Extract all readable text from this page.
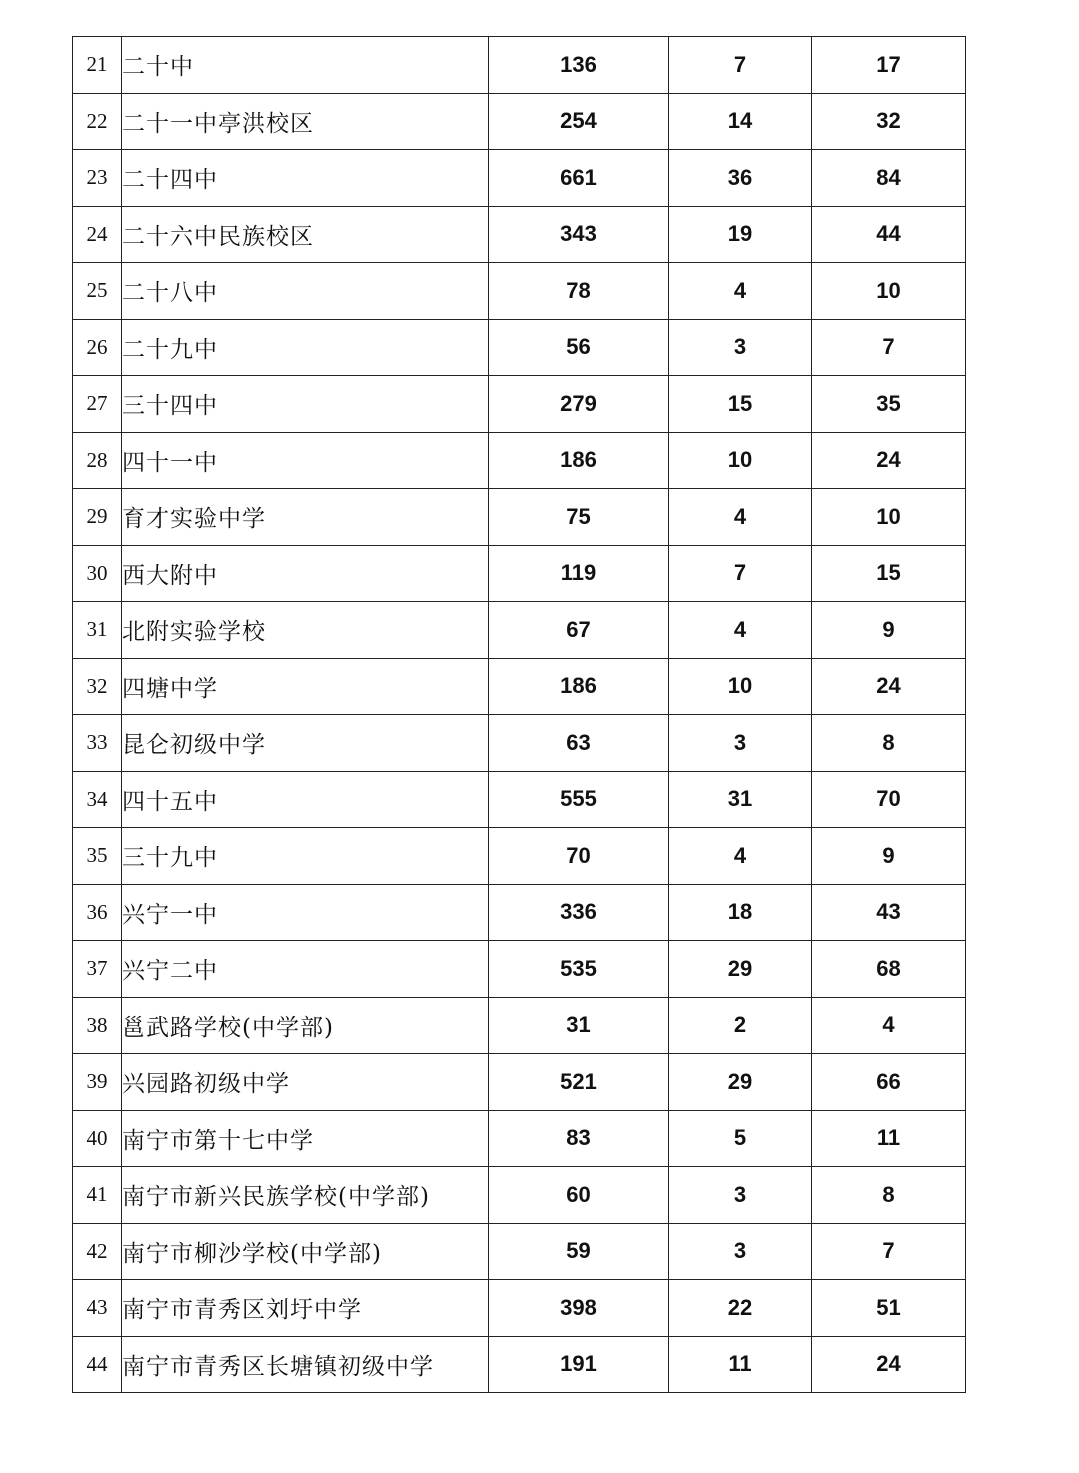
21	二十中	136	7	17
22	二十一中亭洪校区	254	14	32
23	二十四中	661	36	84
24	二十六中民族校区	343	19	44
25	二十八中	78	4	10
26	二十九中	56	3	7
27	三十四中	279	15	35
28	四十一中	186	10	24
29	育才实验中学	75	4	10
30	西大附中	119	7	15
31	北附实验学校	67	4	9
32	四塘中学	186	10	24
33	昆仑初级中学	63	3	8
34	四十五中	555	31	70
35	三十九中	70	4	9
36	兴宁一中	336	18	43
37	兴宁二中	535	29	68
38	邕武路学校(中学部)	31	2	4
39	兴园路初级中学	521	29	66
40	南宁市第十七中学	83	5	11
41	南宁市新兴民族学校(中学部)	60	3	8
42	南宁市柳沙学校(中学部)	59	3	7
43	南宁市青秀区刘圩中学	398	22	51
44	南宁市青秀区长塘镇初级中学	191	11	24
